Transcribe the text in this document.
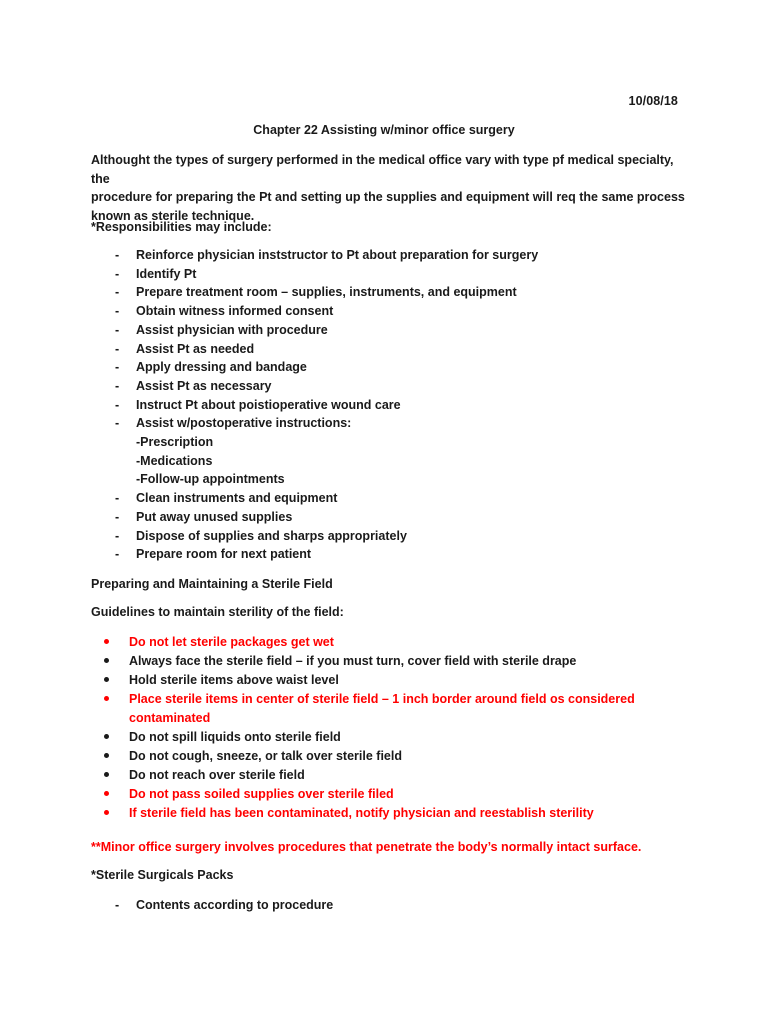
10/08/18
Chapter 22 Assisting w/minor office surgery
Althought the types of surgery performed in the medical office vary with type pf medical specialty, the
procedure for preparing the Pt and setting up the supplies and equipment will req the same process
known as sterile technique.
*Responsibilities may include:
- Reinforce physician inststructor to Pt about preparation for surgery
- Identify Pt
- Prepare treatment room – supplies, instruments, and equipment
- Obtain witness informed consent
- Assist physician with procedure
- Assist Pt as needed
- Apply dressing and bandage
- Assist Pt as necessary
- Instruct Pt about poistioperative wound care
- Assist w/postoperative instructions:
-Prescription
-Medications
-Follow-up appointments
- Clean instruments and equipment
- Put away unused supplies
- Dispose of supplies and sharps appropriately
- Prepare room for next patient
Preparing and Maintaining a Sterile Field
Guidelines to maintain sterility of the field:
Do not let sterile packages get wet
Always face the sterile field – if you must turn, cover field with sterile drape
Hold sterile items above waist level
Place sterile items in center of sterile field – 1 inch border around field os considered contaminated
Do not spill liquids onto sterile field
Do not cough, sneeze, or talk over sterile field
Do not reach over sterile field
Do not pass soiled supplies over sterile filed
If sterile field has been contaminated, notify physician and reestablish sterility
**Minor office surgery involves procedures that penetrate the body’s normally intact surface.
*Sterile Surgicals Packs
- Contents according to procedure
